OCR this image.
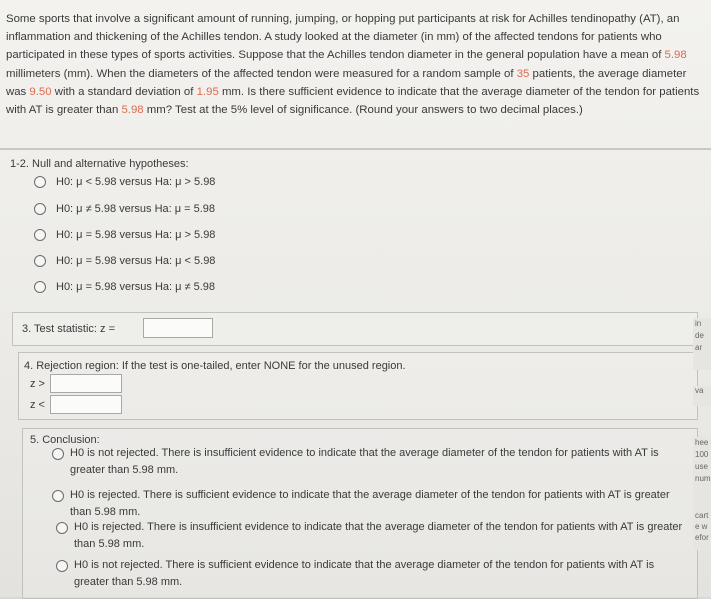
Some sports that involve a significant amount of running, jumping, or hopping put participants at risk for Achilles tendinopathy (AT), an inflammation and thickening of the Achilles tendon. A study looked at the diameter (in mm) of the affected tendons for patients who participated in these types of sports activities. Suppose that the Achilles tendon diameter in the general population have a mean of 5.98 millimeters (mm). When the diameters of the affected tendon were measured for a random sample of 35 patients, the average diameter was 9.50 with a standard deviation of 1.95 mm. Is there sufficient evidence to indicate that the average diameter of the tendon for patients with AT is greater than 5.98 mm? Test at the 5% level of significance. (Round your answers to two decimal places.)
1-2. Null and alternative hypotheses:
H0: μ < 5.98 versus Ha: μ > 5.98
H0: μ ≠ 5.98 versus Ha: μ = 5.98
H0: μ = 5.98 versus Ha: μ > 5.98
H0: μ = 5.98 versus Ha: μ < 5.98
H0: μ = 5.98 versus Ha: μ ≠ 5.98
3. Test statistic: z =
4. Rejection region: If the test is one-tailed, enter NONE for the unused region.
z >
z <
5. Conclusion:
H0 is not rejected. There is insufficient evidence to indicate that the average diameter of the tendon for patients with AT is greater than 5.98 mm.
H0 is rejected. There is sufficient evidence to indicate that the average diameter of the tendon for patients with AT is greater than 5.98 mm.
H0 is rejected. There is insufficient evidence to indicate that the average diameter of the tendon for patients with AT is greater than 5.98 mm.
H0 is not rejected. There is sufficient evidence to indicate that the average diameter of the tendon for patients with AT is greater than 5.98 mm.
in
de
ar
va
hee
100
use
num
cart
e w
efor
